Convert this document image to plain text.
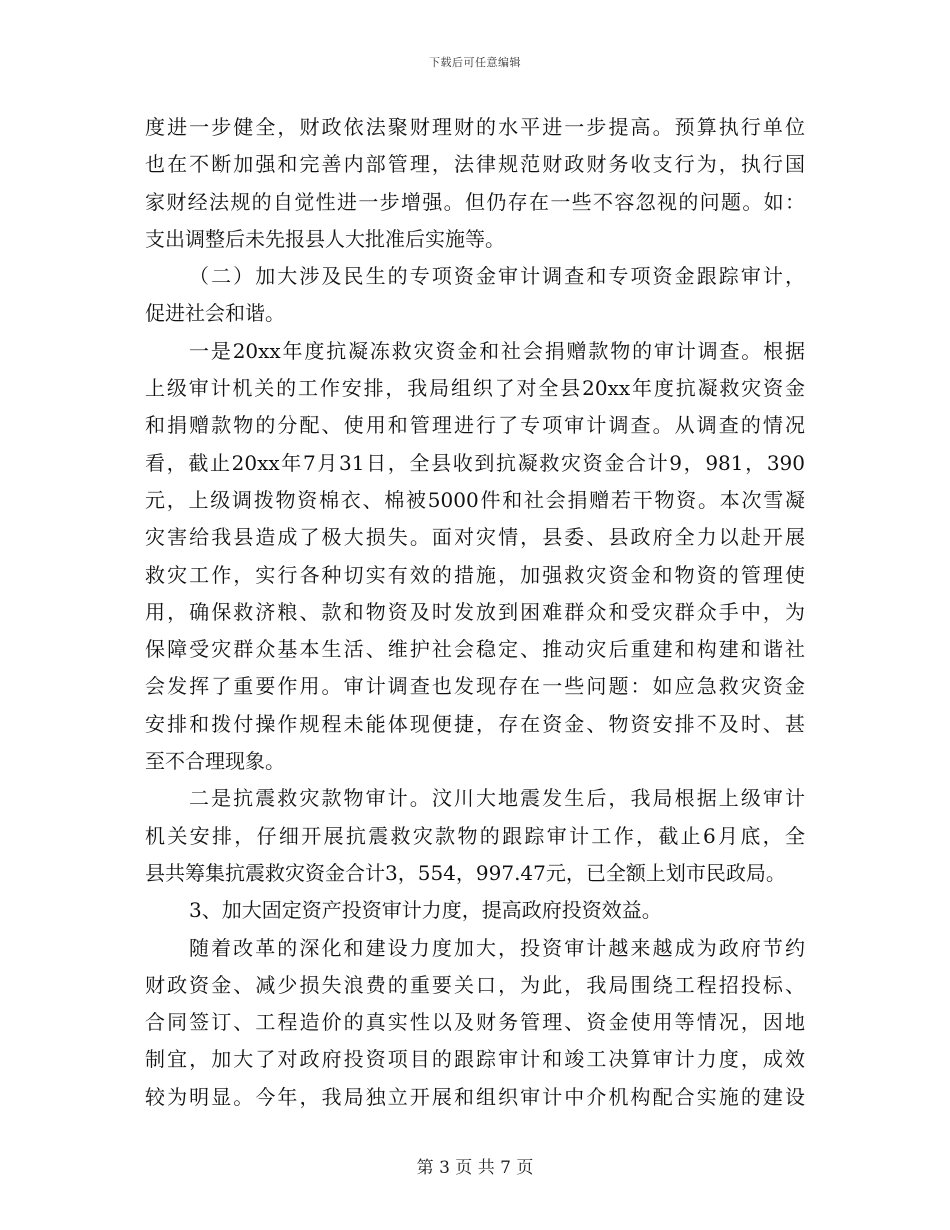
下载后可任意编辑
度进一步健全，财政依法聚财理财的水平进一步提高。预算执行单位
也在不断加强和完善内部管理，法律规范财政财务收支行为，执行国
家财经法规的自觉性进一步增强。但仍存在一些不容忽视的问题。如：
支出调整后未先报县人大批准后实施等。
（二）加大涉及民生的专项资金审计调查和专项资金跟踪审计，
促进社会和谐。
一是20xx年度抗凝冻救灾资金和社会捐赠款物的审计调查。根据
上级审计机关的工作安排，我局组织了对全县20xx年度抗凝救灾资金
和捐赠款物的分配、使用和管理进行了专项审计调查。从调查的情况
看，截止20xx年7月31日，全县收到抗凝救灾资金合计9，981，390
元，上级调拨物资棉衣、棉被5000件和社会捐赠若干物资。本次雪凝
灾害给我县造成了极大损失。面对灾情，县委、县政府全力以赴开展
救灾工作，实行各种切实有效的措施，加强救灾资金和物资的管理使
用，确保救济粮、款和物资及时发放到困难群众和受灾群众手中，为
保障受灾群众基本生活、维护社会稳定、推动灾后重建和构建和谐社
会发挥了重要作用。审计调查也发现存在一些问题：如应急救灾资金
安排和拨付操作规程未能体现便捷，存在资金、物资安排不及时、甚
至不合理现象。
二是抗震救灾款物审计。汶川大地震发生后，我局根据上级审计
机关安排，仔细开展抗震救灾款物的跟踪审计工作，截止6月底，全
县共筹集抗震救灾资金合计3，554，997.47元，已全额上划市民政局。
3、加大固定资产投资审计力度，提高政府投资效益。
随着改革的深化和建设力度加大，投资审计越来越成为政府节约
财政资金、减少损失浪费的重要关口，为此，我局围绕工程招投标、
合同签订、工程造价的真实性以及财务管理、资金使用等情况，因地
制宜，加大了对政府投资项目的跟踪审计和竣工决算审计力度，成效
较为明显。今年，我局独立开展和组织审计中介机构配合实施的建设
第 3 页 共 7 页
